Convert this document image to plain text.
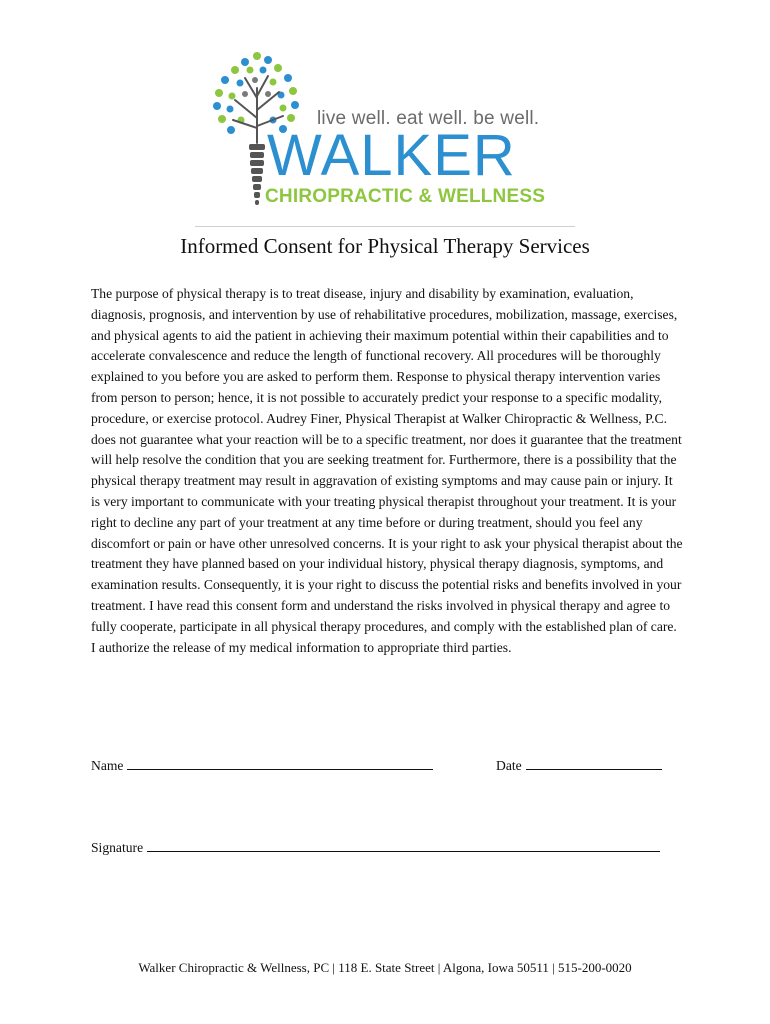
live well. eat well. be well.
WALKER
CHIROPRACTIC & WELLNESS
Informed Consent for Physical Therapy Services

The purpose of physical therapy is to treat disease, injury and disability by examination, evaluation, diagnosis, prognosis, and intervention by use of rehabilitative procedures, mobilization, massage, exercises, and physical agents to aid the patient in achieving their maximum potential within their capabilities and to accelerate convalescence and reduce the length of functional recovery. All procedures will be thoroughly explained to you before you are asked to perform them. Response to physical therapy intervention varies from person to person; hence, it is not possible to accurately predict your response to a specific modality, procedure, or exercise protocol. Audrey Finer, Physical Therapist at Walker Chiropractic & Wellness, P.C. does not guarantee what your reaction will be to a specific treatment, nor does it guarantee that the treatment will help resolve the condition that you are seeking treatment for. Furthermore, there is a possibility that the physical therapy treatment may result in aggravation of existing symptoms and may cause pain or injury. It is very important to communicate with your treating physical therapist throughout your treatment. It is your right to decline any part of your treatment at any time before or during treatment, should you feel any discomfort or pain or have other unresolved concerns. It is your right to ask your physical therapist about the treatment they have planned based on your individual history, physical therapy diagnosis, symptoms, and examination results. Consequently, it is your right to discuss the potential risks and benefits involved in your treatment. I have read this consent form and understand the risks involved in physical therapy and agree to fully cooperate, participate in all physical therapy procedures, and comply with the established plan of care. I authorize the release of my medical information to appropriate third parties.

Name	Date
Signature
Walker Chiropractic & Wellness, PC | 118 E. State Street | Algona, Iowa 50511 | 515-200-0020
